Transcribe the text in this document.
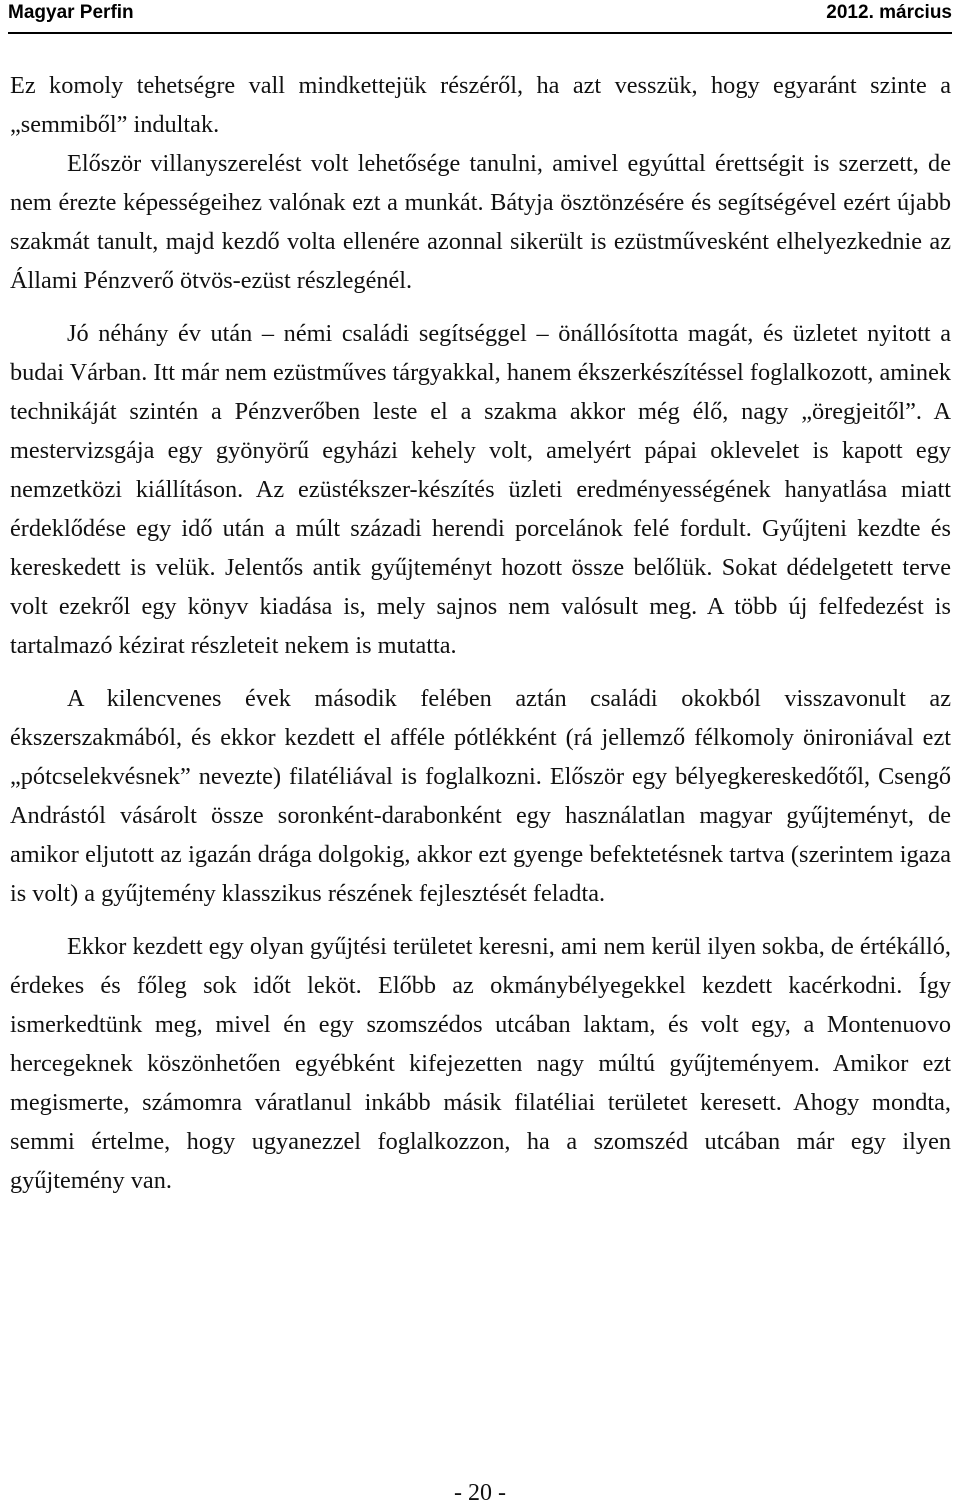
Magyar Perfin	2012. március

Ez komoly tehetségre vall mindkettejük részéről, ha azt vesszük, hogy egyaránt szinte a „semmiből” indultak.

Először villanyszerelést volt lehetősége tanulni, amivel egyúttal érettségit is szerzett, de nem érezte képességeihez valónak ezt a munkát. Bátyja ösztönzésére és segítségével ezért újabb szakmát tanult, majd kezdő volta ellenére azonnal sikerült is ezüstművesként elhelyezkednie az Állami Pénzverő ötvös-ezüst részlegénél.

Jó néhány év után – némi családi segítséggel – önállósította magát, és üzletet nyitott a budai Várban. Itt már nem ezüstműves tárgyakkal, hanem ékszerkészítéssel foglalkozott, aminek technikáját szintén a Pénzverőben leste el a szakma akkor még élő, nagy „öregjeitől”. A mestervizsgája egy gyönyörű egyházi kehely volt, amelyért pápai oklevelet is kapott egy nemzetközi kiállításon. Az ezüstékszer-készítés üzleti eredményességének hanyatlása miatt érdeklődése egy idő után a múlt századi herendi porcelánok felé fordult. Gyűjteni kezdte és kereskedett is velük. Jelentős antik gyűjteményt hozott össze belőlük. Sokat dédelgetett terve volt ezekről egy könyv kiadása is, mely sajnos nem valósult meg. A több új felfedezést is tartalmazó kézirat részleteit nekem is mutatta.

A kilencvenes évek második felében aztán családi okokból visszavonult az ékszerszakmából, és ekkor kezdett el afféle pótlékként (rá jellemző félkomoly önironiával ezt „pótcselekvésnek” nevezte) filatéliával is foglalkozni. Először egy bélyegkereskedőtől, Csengő Andrástól vásárolt össze soronként-darabonként egy használatlan magyar gyűjteményt, de amikor eljutott az igazán drága dolgokig, akkor ezt gyenge befektetésnek tartva (szerintem igaza is volt) a gyűjtemény klasszikus részének fejlesztését feladta.

Ekkor kezdett egy olyan gyűjtési területet keresni, ami nem kerül ilyen sokba, de értékálló, érdekes és főleg sok időt leköt. Előbb az okmánybélyegekkel kezdett kacérkodni. Így ismerkedtünk meg, mivel én egy szomszédos utcában laktam, és volt egy, a Montenuovo hercegeknek köszönhetően egyébként kifejezetten nagy múltú gyűjteményem. Amikor ezt megismerte, számomra váratlanul inkább másik filatéliai területet keresett. Ahogy mondta, semmi értelme, hogy ugyanezzel foglalkozzon, ha a szomszéd utcában már egy ilyen gyűjtemény van.

- 20 -
